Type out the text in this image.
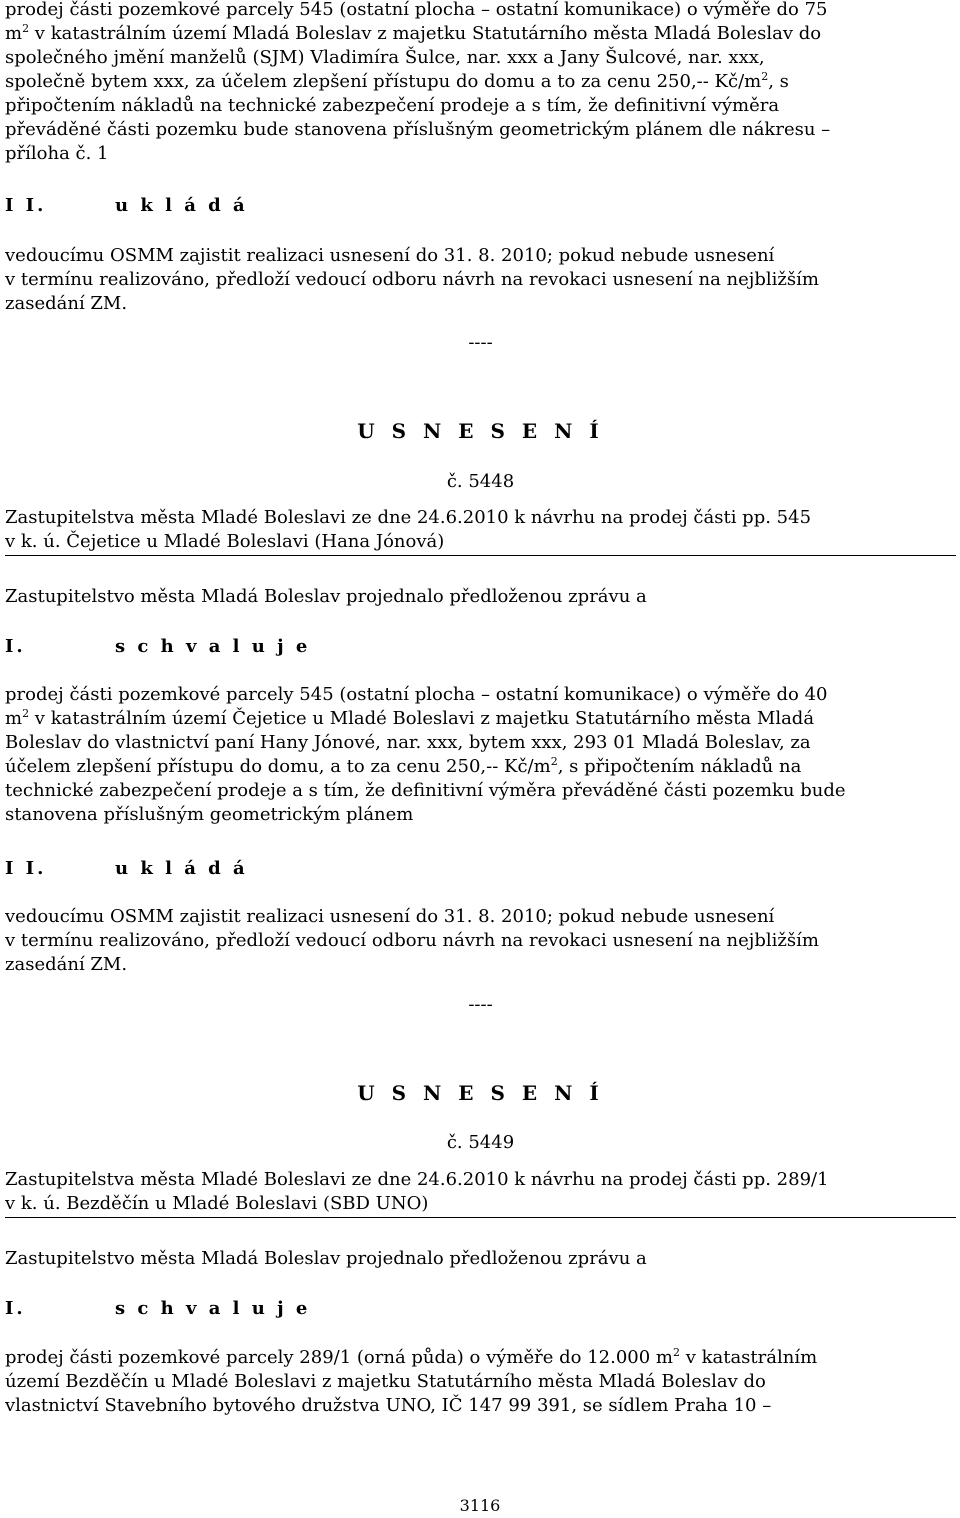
prodej části pozemkové parcely 545 (ostatní plocha – ostatní komunikace) o výměře do 75
$m^2$ v katastrálním území Mladá Boleslav z majetku Statutárního města Mladá Boleslav do
společného jmění manželů (SJM) Vladimíra Šulce, nar. xxx a Jany Šulcové, nar. xxx,
společně bytem xxx, za účelem zlepšení přístupu do domu a to za cenu 250,-- $Kč/m^2$, s
připočtením nákladů na technické zabezpečení prodeje a s tím, že definitivní výměra
převáděné části pozemku bude stanovena příslušným geometrickým plánem dle nákresu –
příloha č. 1
I I.	u k l á d á
vedoucímu OSMM zajistit realizaci usnesení do 31. 8. 2010; pokud nebude usnesení
v termínu realizováno, předloží vedoucí odboru návrh na revokaci usnesení na nejbližším
zasedání ZM.
----
U S N E S E N Í
č. 5448
Zastupitelstva města Mladé Boleslavi ze dne 24.6.2010 k návrhu na prodej části pp. 545
v k. ú. Čejetice u Mladé Boleslavi (Hana Jónová)
Zastupitelstvo města Mladá Boleslav projednalo předloženou zprávu a
I.	s c h v a l u j e
prodej části pozemkové parcely 545 (ostatní plocha – ostatní komunikace) o výměře do 40
$m^2$ v katastrálním území Čejetice u Mladé Boleslavi z majetku Statutárního města Mladá
Boleslav do vlastnictví paní Hany Jónové, nar. xxx, bytem xxx, 293 01 Mladá Boleslav, za
účelem zlepšení přístupu do domu, a to za cenu 250,-- $Kč/m^2$, s připočtením nákladů na
technické zabezpečení prodeje a s tím, že definitivní výměra převáděné části pozemku bude
stanovena příslušným geometrickým plánem
I I.	u k l á d á
vedoucímu OSMM zajistit realizaci usnesení do 31. 8. 2010; pokud nebude usnesení
v termínu realizováno, předloží vedoucí odboru návrh na revokaci usnesení na nejbližším
zasedání ZM.
----
U S N E S E N Í
č. 5449
Zastupitelstva města Mladé Boleslavi ze dne 24.6.2010 k návrhu na prodej části pp. 289/1
v k. ú. Bezděčín u Mladé Boleslavi (SBD UNO)
Zastupitelstvo města Mladá Boleslav projednalo předloženou zprávu a
I.	s c h v a l u j e
prodej části pozemkové parcely 289/1 (orná půda) o výměře do 12.000 $m^2$ v katastrálním
území Bezděčín u Mladé Boleslavi z majetku Statutárního města Mladá Boleslav do
vlastnictví Stavebního bytového družstva UNO, IČ 147 99 391, se sídlem Praha 10 –
3116
